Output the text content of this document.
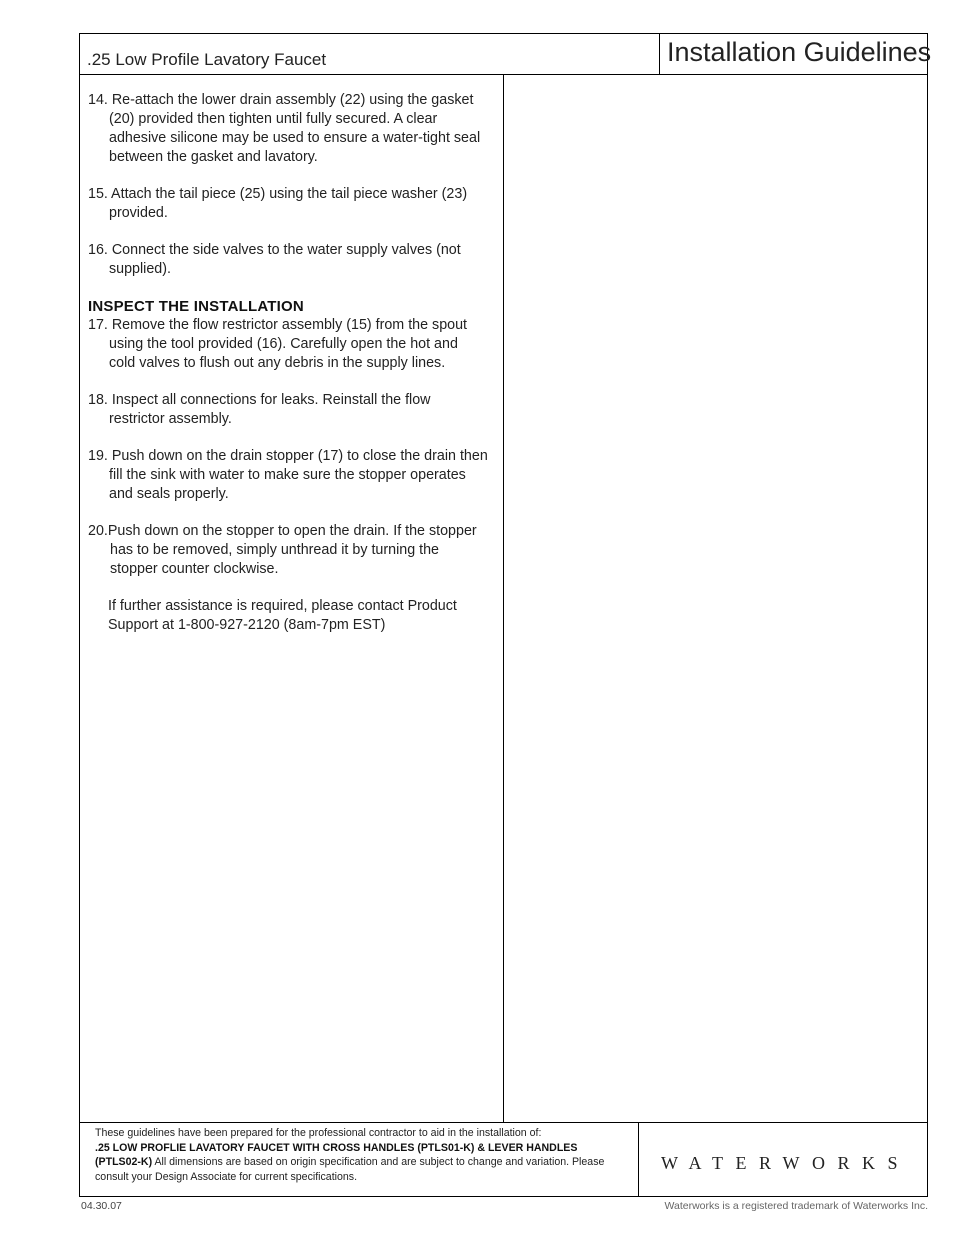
.25 Low Profile Lavatory Faucet	Installation Guidelines

14. Re-attach the lower drain assembly (22) using the gasket (20) provided then tighten until fully secured. A clear adhesive silicone may be used to ensure a water-tight seal between the gasket and lavatory.

15. Attach the tail piece (25) using the tail piece washer (23) provided.

16. Connect the side valves to the water supply valves (not supplied).

INSPECT THE INSTALLATION

17. Remove the flow restrictor assembly (15) from the spout using the tool provided (16). Carefully open the hot and cold valves to flush out any debris in the supply lines.

18. Inspect all connections for leaks. Reinstall the flow restrictor assembly.

19. Push down on the drain stopper (17) to close the drain then fill the sink with water to make sure the stopper operates and seals properly.

20.Push down on the stopper to open the drain. If the stopper has to be removed, simply unthread it by turning the stopper counter clockwise.

If further assistance is required, please contact Product Support at 1-800-927-2120 (8am-7pm EST)

These guidelines have been prepared for the professional contractor to aid in the installation of:
.25 LOW PROFLIE LAVATORY FAUCET WITH CROSS HANDLES (PTLS01-K) & LEVER HANDLES (PTLS02-K) All dimensions are based on origin specification and are subject to change and variation. Please consult your Design Associate for current specifications.
WATERWORKS
04.30.07	Waterworks is a registered trademark of Waterworks Inc.
